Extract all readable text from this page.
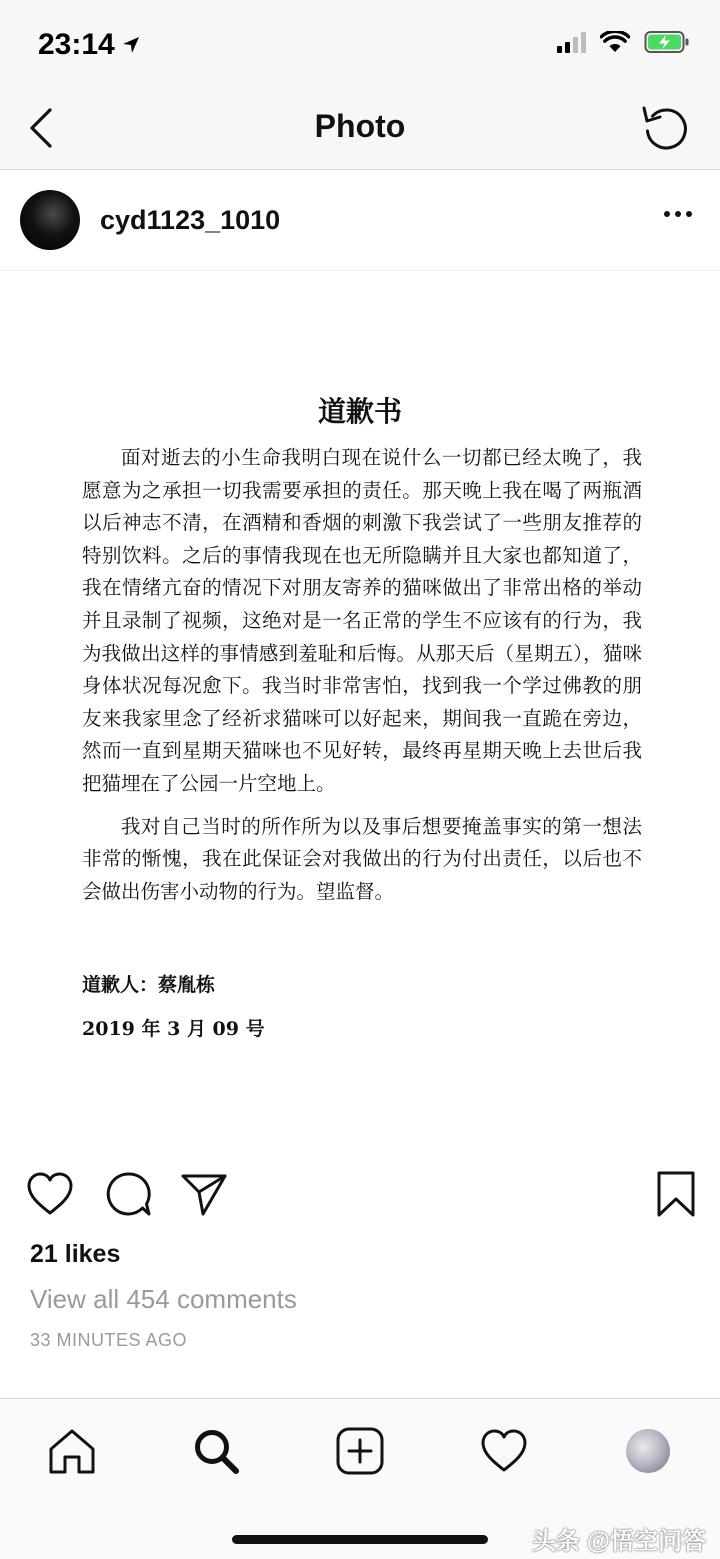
23:14
Photo
cyd1123_1010
道歉书

面对逝去的小生命我明白现在说什么一切都已经太晚了，我愿意为之承担一切我需要承担的责任。那天晚上我在喝了两瓶酒以后神志不清，在酒精和香烟的刺激下我尝试了一些朋友推荐的特别饮料。之后的事情我现在也无所隐瞒并且大家也都知道了，我在情绪亢奋的情况下对朋友寄养的猫咪做出了非常出格的举动并且录制了视频，这绝对是一名正常的学生不应该有的行为，我为我做出这样的事情感到羞耻和后悔。从那天后（星期五），猫咪身体状况每况愈下。我当时非常害怕，找到我一个学过佛教的朋友来我家里念了经祈求猫咪可以好起来，期间我一直跪在旁边，然而一直到星期天猫咪也不见好转，最终再星期天晚上去世后我把猫埋在了公园一片空地上。

我对自己当时的所作所为以及事后想要掩盖事实的第一想法非常的惭愧，我在此保证会对我做出的行为付出责任，以后也不会做出伤害小动物的行为。望监督。

道歉人：蔡胤栋
2019 年 3 月 09 号
21 likes
View all 454 comments
33 MINUTES AGO
头条 @悟空问答
